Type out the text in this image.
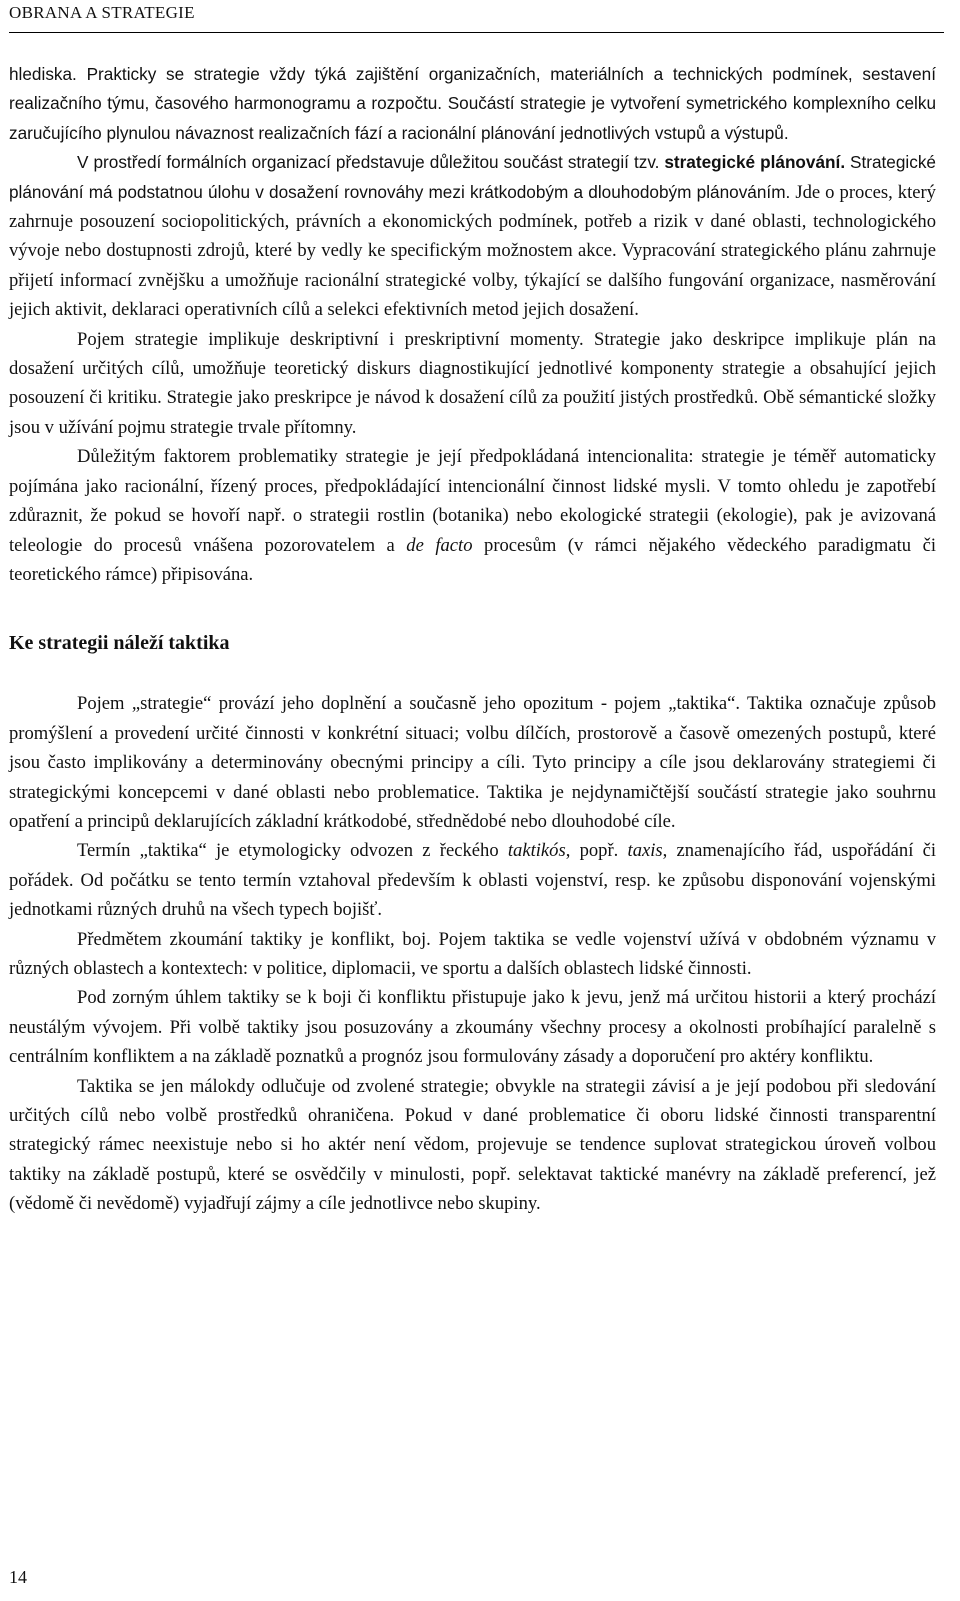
OBRANA A STRATEGIE

hlediska. Prakticky se strategie vždy týká zajištění organizačních, materiálních a technických podmínek, sestavení realizačního týmu, časového harmonogramu a rozpočtu. Součástí strategie je vytvoření symetrického komplexního celku zaručujícího plynulou návaznost realizačních fází a racionální plánování jednotlivých vstupů a výstupů.

V prostředí formálních organizací představuje důležitou součást strategií tzv. strategické plánování. Strategické plánování má podstatnou úlohu v dosažení rovnováhy mezi krátkodobým a dlouhodobým plánováním. Jde o proces, který zahrnuje posouzení sociopolitických, právních a ekonomických podmínek, potřeb a rizik v dané oblasti, technologického vývoje nebo dostupnosti zdrojů, které by vedly ke specifickým možnostem akce. Vypracování strategického plánu zahrnuje přijetí informací zvnějšku a umožňuje racionální strategické volby, týkající se dalšího fungování organizace, nasměrování jejich aktivit, deklaraci operativních cílů a selekci efektivních metod jejich dosažení.

Pojem strategie implikuje deskriptivní i preskriptivní momenty. Strategie jako deskripce implikuje plán na dosažení určitých cílů, umožňuje teoretický diskurs diagnostikující jednotlivé komponenty strategie a obsahující jejich posouzení či kritiku. Strategie jako preskripce je návod k dosažení cílů za použití jistých prostředků. Obě sémantické složky jsou v užívání pojmu strategie trvale přítomny.

Důležitým faktorem problematiky strategie je její předpokládaná intencionalita: strategie je téměř automaticky pojímána jako racionální, řízený proces, předpokládající intencionální činnost lidské mysli. V tomto ohledu je zapotřebí zdůraznit, že pokud se hovoří např. o strategii rostlin (botanika) nebo ekologické strategii (ekologie), pak je avizovaná teleologie do procesů vnášena pozorovatelem a de facto procesům (v rámci nějakého vědeckého paradigmatu či teoretického rámce) připisována.

Ke strategii náleží taktika

Pojem „strategie“ provází jeho doplnění a současně jeho opozitum - pojem „taktika“. Taktika označuje způsob promýšlení a provedení určité činnosti v konkrétní situaci; volbu dílčích, prostorově a časově omezených postupů, které jsou často implikovány a determinovány obecnými principy a cíli. Tyto principy a cíle jsou deklarovány strategiemi či strategickými koncepcemi v dané oblasti nebo problematice. Taktika je nejdynamičtější součástí strategie jako souhrnu opatření a principů deklarujících základní krátkodobé, střednědobé nebo dlouhodobé cíle.

Termín „taktika“ je etymologicky odvozen z řeckého taktikós, popř. taxis, znamenajícího řád, uspořádání či pořádek. Od počátku se tento termín vztahoval především k oblasti vojenství, resp. ke způsobu disponování vojenskými jednotkami různých druhů na všech typech bojišť.

Předmětem zkoumání taktiky je konflikt, boj. Pojem taktika se vedle vojenství užívá v obdobném významu v různých oblastech a kontextech: v politice, diplomacii, ve sportu a dalších oblastech lidské činnosti.

Pod zorným úhlem taktiky se k boji či konfliktu přistupuje jako k jevu, jenž má určitou historii a který prochází neustálým vývojem. Při volbě taktiky jsou posuzovány a zkoumány všechny procesy a okolnosti probíhající paralelně s centrálním konfliktem a na základě poznatků a prognóz jsou formulovány zásady a doporučení pro aktéry konfliktu.

Taktika se jen málokdy odlučuje od zvolené strategie; obvykle na strategii závisí a je její podobou při sledování určitých cílů nebo volbě prostředků ohraničena. Pokud v dané problematice či oboru lidské činnosti transparentní strategický rámec neexistuje nebo si ho aktér není vědom, projevuje se tendence suplovat strategickou úroveň volbou taktiky na základě postupů, které se osvědčily v minulosti, popř. selektavat taktické manévry na základě preferencí, jež (vědomě či nevědomě) vyjadřují zájmy a cíle jednotlivce nebo skupiny.

14
